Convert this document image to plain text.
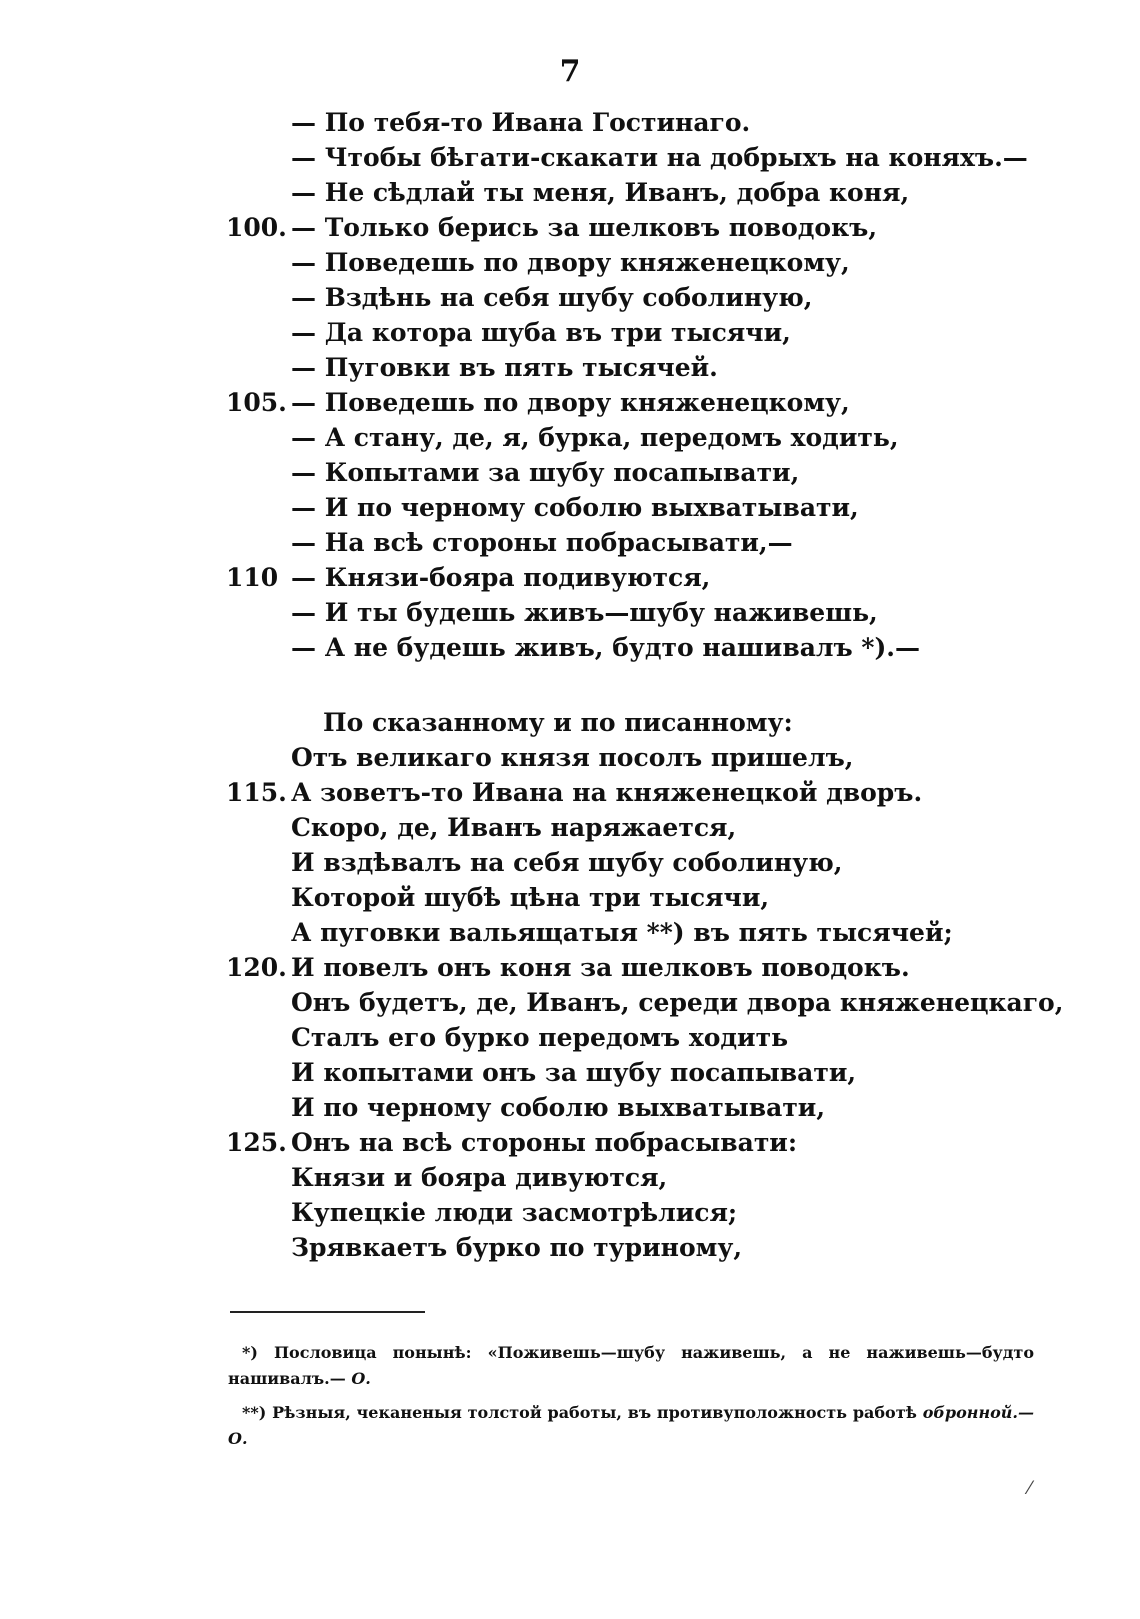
7
— По тебя-то Ивана Гостинаго.
— Чтобы бѣгати-скакати на добрыхъ на коняхъ.—
— Не сѣдлай ты меня, Иванъ, добра коня,
100. — Только берись за шелковъ поводокъ,
— Поведешь по двору княженецкому,
— Вздѣнь на себя шубу соболиную,
— Да котора шуба въ три тысячи,
— Пуговки въ пять тысячей.
105. — Поведешь по двору княженецкому,
— А стану, де, я, бурка, передомъ ходить,
— Копытами за шубу посапывати,
— И по черному соболю выхватывати,
— На всѣ стороны побрасывати,—
110 — Князи-бояра подивуются,
— И ты будешь живъ—шубу наживешь,
— А не будешь живъ, будто нашивалъ *).—
По сказанному и по писанному:
Отъ великаго князя посолъ пришелъ,
115. А зоветъ-то Ивана на княженецкой дворъ.
Скоро, де, Иванъ наряжается,
И вздѣвалъ на себя шубу соболиную,
Которой шубѣ цѣна три тысячи,
А пуговки вальящатыя **) въ пять тысячей;
120. И повелъ онъ коня за шелковъ поводокъ.
Онъ будетъ, де, Иванъ, середи двора княженецкаго,
Сталъ его бурко передомъ ходить
И копытами онъ за шубу посапывати,
И по черному соболю выхватывати,
125. Онъ на всѣ стороны побрасывати:
Князи и бояра дивуются,
Купецкіе люди засмотрѣлися;
Зрявкаетъ бурко по туриному,
*) Пословица понынѣ: «Поживешь—шубу наживешь, а не наживешь—будто нашивалъ.— О.
**) Рѣзныя, чеканеныя толстой работы, въ противуположность работѣ обронной.— О.
⁄
